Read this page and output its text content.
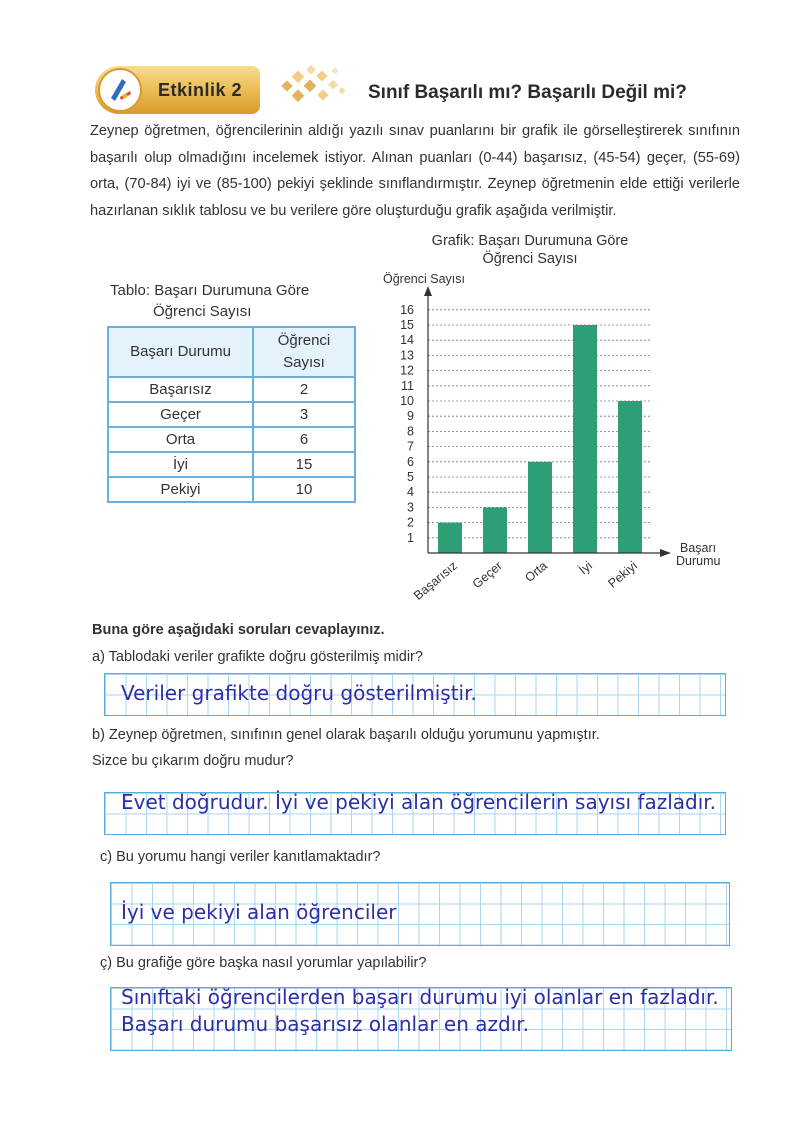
Etkinlik 2	Sınıf Başarılı mı? Başarılı Değil mi?
Zeynep öğretmen, öğrencilerinin aldığı yazılı sınav puanlarını bir grafik ile görselleştirerek sınıfının başarılı olup olmadığını incelemek istiyor. Alınan puanları (0-44) başarısız, (45-54) geçer, (55-69) orta, (70-84) iyi ve (85-100) pekiyi şeklinde sınıflandırmıştır. Zeynep öğretmenin elde ettiği verilerle hazırlanan sıklık tablosu ve bu verilere göre oluşturduğu grafik aşağıda verilmiştir.
Tablo: Başarı Durumuna Göre
Öğrenci Sayısı
Başarı Durumu	Öğrenci
Sayısı
Başarısız	2
Geçer	3
Orta	6
İyi	15
Pekiyi	10
Grafik: Başarı Durumuna Göre
Öğrenci Sayısı
1
2
3
4
5
6
7
8
9
10
11
12
13
14
15
16
Başarısız Geçer Orta İyi Pekiyi
Öğrenci Sayısı
Başarı
Durumu
Buna göre aşağıdaki soruları cevaplayınız.
a) Tablodaki veriler grafikte doğru gösterilmiş midir?
Veriler grafikte doğru gösterilmiştir.
b) Zeynep öğretmen, sınıfının genel olarak başarılı olduğu yorumunu yapmıştır.
Sizce bu çıkarım doğru mudur?
Evet doğrudur. İyi ve pekiyi alan öğrencilerin sayısı fazladır.
c) Bu yorumu hangi veriler kanıtlamaktadır?
İyi ve pekiyi alan öğrenciler
ç) Bu grafiğe göre başka nasıl yorumlar yapılabilir?
Sınıftaki öğrencilerden başarı durumu iyi olanlar en fazladır.
Başarı durumu başarısız olanlar en azdır.
